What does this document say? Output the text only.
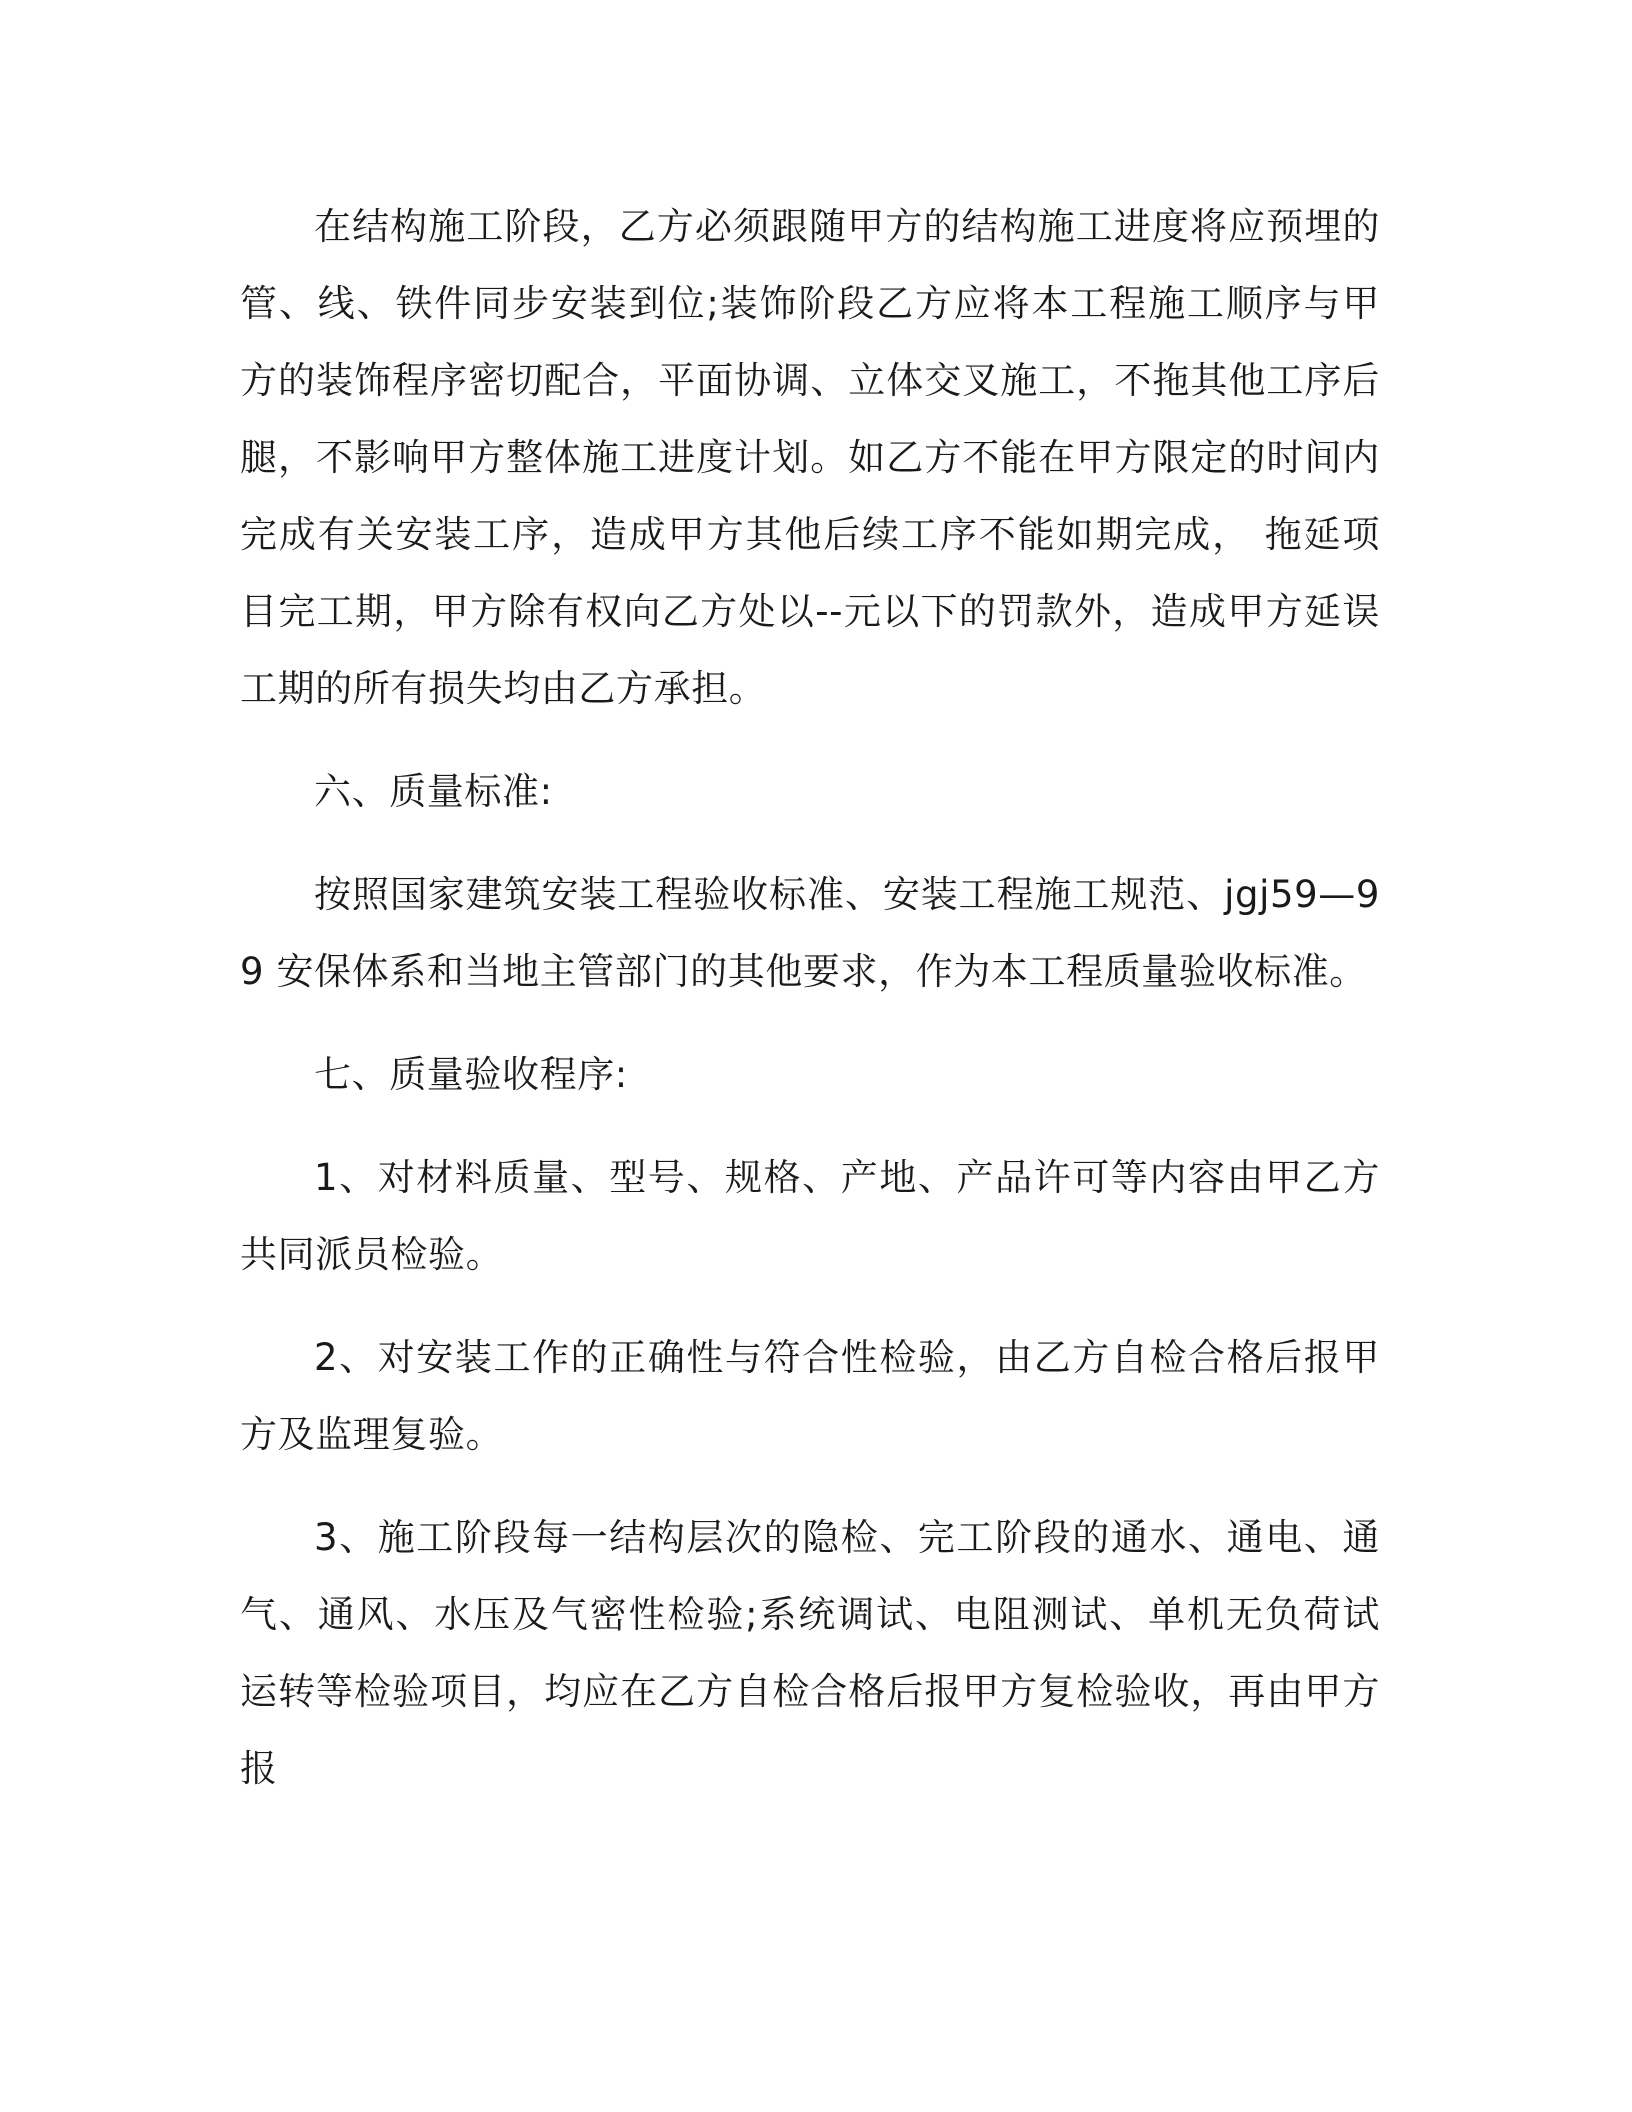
在结构施工阶段，乙方必须跟随甲方的结构施工进度将应预埋的管、线、铁件同步安装到位;装饰阶段乙方应将本工程施工顺序与甲方的装饰程序密切配合，平面协调、立体交叉施工，不拖其他工序后腿，不影响甲方整体施工进度计划。如乙方不能在甲方限定的时间内完成有关安装工序，造成甲方其他后续工序不能如期完成， 拖延项目完工期，甲方除有权向乙方处以--元以下的罚款外，造成甲方延误工期的所有损失均由乙方承担。

六、质量标准:

按照国家建筑安装工程验收标准、安装工程施工规范、jgj59—99 安保体系和当地主管部门的其他要求，作为本工程质量验收标准。

七、质量验收程序:

1、对材料质量、型号、规格、产地、产品许可等内容由甲乙方共同派员检验。

2、对安装工作的正确性与符合性检验，由乙方自检合格后报甲方及监理复验。

3、施工阶段每一结构层次的隐检、完工阶段的通水、通电、通气、通风、水压及气密性检验;系统调试、电阻测试、单机无负荷试运转等检验项目，均应在乙方自检合格后报甲方复检验收，再由甲方报
